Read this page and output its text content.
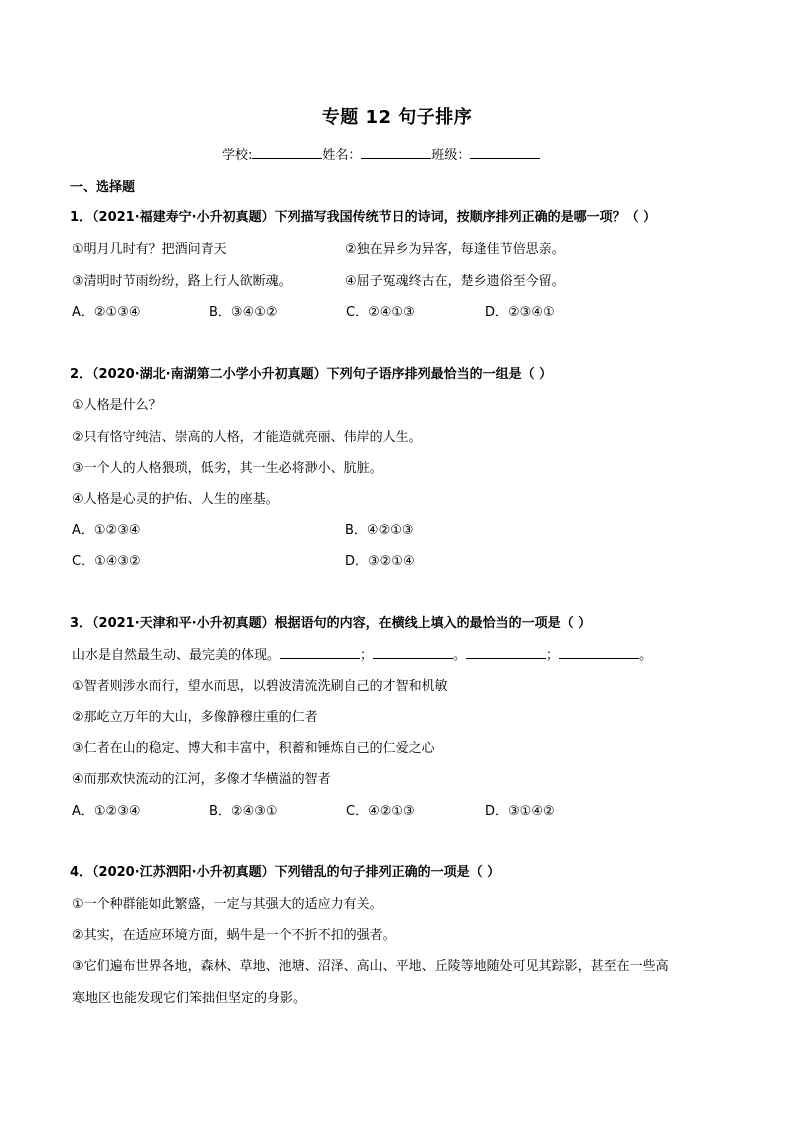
专题 12 句子排序
学校:	姓名：	班级：
一、选择题
1．（2021·福建寿宁·小升初真题）下列描写我国传统节日的诗词，按顺序排列正确的是哪一项？（ ）
①明月几时有？把酒问青天	②独在异乡为异客，每逢佳节倍思亲。
③清明时节雨纷纷，路上行人欲断魂。	④屈子冤魂终古在，楚乡遗俗至今留。
A．②①③④	B．③④①②	C．②④①③	D．②③④①
2．（2020·湖北·南湖第二小学小升初真题）下列句子语序排列最恰当的一组是（ ）
①人格是什么？
②只有恪守纯洁、崇高的人格，才能造就亮丽、伟岸的人生。
③一个人的人格猥琐，低劣，其一生必将渺小、肮脏。
④人格是心灵的护佑、人生的座基。
A．①②③④	B．④②①③
C．①④③②	D．③②①④
3．（2021·天津和平·小升初真题）根据语句的内容，在横线上填入的最恰当的一项是（ ）
山水是自然最生动、最完美的体现。	；	。	；	。
①智者则涉水而行，望水而思，以碧波清流洗刷自己的才智和机敏
②那屹立万年的大山，多像静穆庄重的仁者
③仁者在山的稳定、博大和丰富中，积蓄和锤炼自己的仁爱之心
④而那欢快流动的江河，多像才华横溢的智者
A．①②③④	B．②④③①	C．④②①③	D．③①④②
4．（2020·江苏泗阳·小升初真题）下列错乱的句子排列正确的一项是（ ）
①一个种群能如此繁盛，一定与其强大的适应力有关。
②其实，在适应环境方面，蜗牛是一个不折不扣的强者。
③它们遍布世界各地，森林、草地、池塘、沼泽、高山、平地、丘陵等地随处可见其踪影，甚至在一些高
寒地区也能发现它们笨拙但坚定的身影。
